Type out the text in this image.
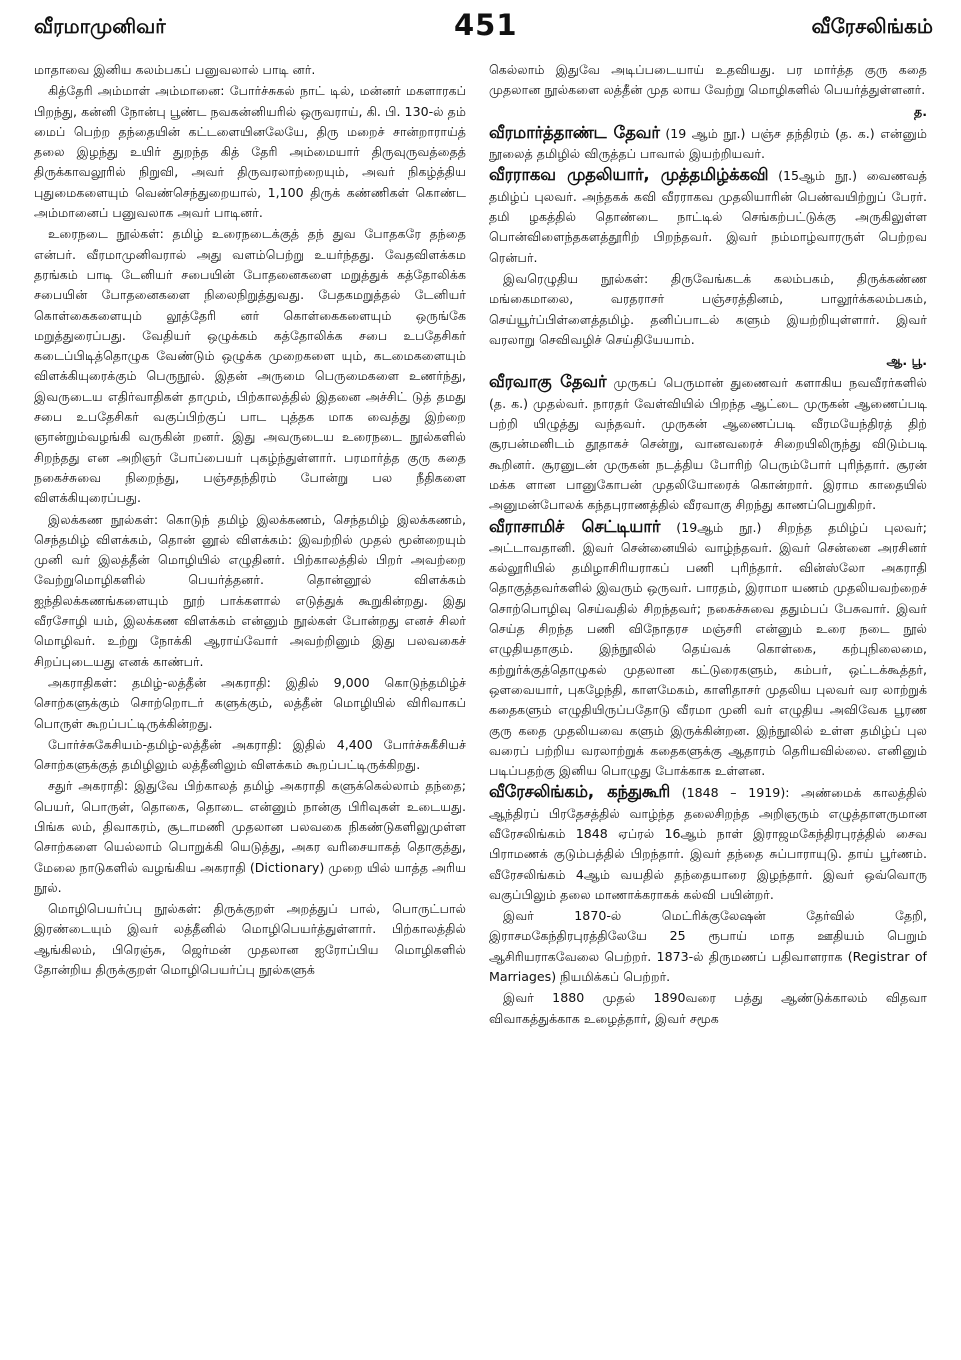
வீரமாமுனிவர்	451	வீரேசலிங்கம்

மாதாவை இனிய கலம்பகப் பனுவலால் பாடி னர்.

கித்தேரி அம்மாள் அம்மானை: போர்ச்சுகல் நாட் டில், மன்னர் மகளாரகப் பிறந்து, கன்னி நோன்பு பூண்ட நவகன்னியரில் ஒருவராய், கி. பி. 130-ல் தம் மைப் பெற்ற தந்தையின் கட்டளையினலேயே, திரு மறைச் சான்றாராய்த் தலை இழந்து உயிர் துறந்த கித் தேரி அம்மையார் திருவுருவத்தைத் திருக்காவலூரில் நிறுவி, அவர் திருவரலாற்றையும், அவர் நிகழ்த்திய புதுமைகளையும் வெண்செந்துறையால், 1,100 திருக் கண்ணிகள் கொண்ட அம்மானைப் பனுவலாக அவர் பாடினர்.

உரைநடை நூல்கள்: தமிழ் உரைநடைக்குத் தந் துவ போதகரே தந்தை என்பர். வீரமாமுனிவரால் அது வளம்பெற்று உயர்ந்தது. வேதவிளக்கம தரங்கம் பாடி டேனியர் சபையின் போதனைகளை மறுத்துக் கத்தோலிக்க சபையின் போதனைகளை நிலைநிறுத்துவது. பேதகமறுத்தல் டேனியர் கொள்கைகளையும் லூத்தேரி னர் கொள்கைகளையும் ஒருங்கே மறுத்துரைப்பது. வேதியர் ஒழுக்கம் கத்தோலிக்க சபை உபதேசிகர் கடைப்பிடித்தொழுக வேண்டும் ஒழுக்க முறைகளை யும், கடமைகளையும் விளக்கியுரைக்கும் பெருநூல். இதன் அருமை பெருமைகளை உணர்ந்து, இவருடைய எதிர்வாதிகள் தாமும், பிற்காலத்தில் இதனை அச்சிட் டுத் தமது சபை உபதேசிகர் வகுப்பிற்குப் பாட புத்தக மாக வைத்து இற்றை ஞான்றும்வழங்கி வருகின் றனர். இது அவருடைய உரைநடை நூல்களில் சிறந்தது என அறிஞர் போப்பையர் புகழ்ந்துள்ளார். பரமார்த்த குரு கதை நகைச்சுவை நிறைந்து, பஞ்சதந்திரம் போன்று பல நீதிகளை விளக்கியுரைப்பது.

இலக்கண நூல்கள்: கொடுந் தமிழ் இலக்கணம், செந்தமிழ் இலக்கணம், செந்தமிழ் விளக்கம், தொன் னூல் விளக்கம்: இவற்றில் முதல் மூன்றையும் முனி வர் இலத்தீன் மொழியில் எழுதினர். பிற்காலத்தில் பிறர் அவற்றை வேற்றுமொழிகளில் பெயர்த்தனர். தொன்னூல் விளக்கம் ஐந்திலக்கணங்களையும் நூற் பாக்களால் எடுத்துக் கூறுகின்றது. இது வீரசோழி யம், இலக்கண விளக்கம் என்னும் நூல்கள் போன்றது எனச் சிலர் மொழிவர். உற்று நோக்கி ஆராய்வோர் அவற்றினும் இது பலவகைச் சிறப்புடையது எனக் காண்பர்.

அகராதிகள்: தமிழ்-லத்தீன் அகராதி: இதில் 9,000 கொடுந்தமிழ்ச் சொற்களுக்கும் சொற்றொடர் களுக்கும், லத்தீன் மொழியில் விரிவாகப் பொருள் கூறப்பட்டிருக்கின்றது.

போர்ச்சுகேசியம்-தமிழ்-லத்தீன் அகராதி: இதில் 4,400 போர்ச்சுகீசியச் சொற்களுக்குத் தமிழிலும் லத்தீனிலும் விளக்கம் கூறப்பட்டிருக்கிறது.

சதுர் அகராதி: இதுவே பிற்காலத் தமிழ் அகராதி களுக்கெல்லாம் தந்தை; பெயர், பொருள், தொகை, தொடை என்னும் நான்கு பிரிவுகள் உடையது. பிங்க லம், திவாகரம், சூடாமணி முதலான பலவகை நிகண்டுகளிலுமுள்ள சொற்களை யெல்லாம் பொறுக்கி யெடுத்து, அகர வரிசையாகத் தொகுத்து, மேலை நாடுகளில் வழங்கிய அகராதி (Dictionary) முறை யில் யாத்த அரிய நூல்.

மொழிபெயர்ப்பு நூல்கள்: திருக்குறள் அறத்துப் பால், பொருட்பால் இரண்டையும் இவர் லத்தீனில் மொழிபெயர்த்துள்ளார். பிற்காலத்தில் ஆங்கிலம், பிரெஞ்சு, ஜெர்மன் முதலான ஐரோப்பிய மொழிகளில் தோன்றிய திருக்குறள் மொழிபெயர்ப்பு நூல்களுக்

கெல்லாம் இதுவே அடிப்படையாய் உதவியது. பர மார்த்த குரு கதை முதலான நூல்களை லத்தீன் முத லாய வேற்று மொழிகளில் பெயர்த்துள்ளனர்.

த.

வீரமார்த்தாண்ட தேவர் (19 ஆம் நூ.) பஞ்ச தந்திரம் (த. க.) என்னும் நூலைத் தமிழில் விருத்தப் பாவால் இயற்றியவர்.

வீரராகவ முதலியார், முத்தமிழ்க்கவி (15ஆம் நூ.) வைணவத் தமிழ்ப் புலவர். அந்தகக் கவி வீரராகவ முதலியாரின் பெண்வயிற்றுப் பேரர். தமி ழகத்தில் தொண்டை நாட்டில் செங்கற்பட்டுக்கு அருகிலுள்ள பொன்விளைந்தகளத்தூரிற் பிறந்தவர். இவர் நம்மாழ்வாரருள் பெற்றவ ரென்பர்.

இவரெழுதிய நூல்கள்: திருவேங்கடக் கலம்பகம், திருக்கண்ண மங்கைமாலை, வரதராசர் பஞ்சரத்தினம், பாலூர்க்கலம்பகம், செய்யூர்ப்பிள்ளைத்தமிழ். தனிப்பாடல் களும் இயற்றியுள்ளார். இவர் வரலாறு செவிவழிச் செய்தியேயாம்.

ஆ. பூ.

வீரவாகு தேவர் முருகப் பெருமான் துணைவர் களாகிய நவவீரர்களில் (த. க.) முதல்வர். நாரதர் வேள்வியில் பிறந்த ஆட்டை முருகன் ஆணைப்படி பற்றி யிழுத்து வந்தவர். முருகன் ஆணைப்படி வீரமயேந்திரத் திற் சூரபன்மனிடம் தூதாகச் சென்று, வானவரைச் சிறையிலிருந்து விடும்படி கூறினர். சூரனுடன் முருகன் நடத்திய போரிற் பெரும்போர் புரிந்தார். சூரன் மக்க ளான பானுகோபன் முதலியோரைக் கொன்றார். இராம காதையில் அனுமன்போலக் கந்தபுராணத்தில் வீரவாகு சிறந்து காணப்பெறுகிறர்.

வீராசாமிச் செட்டியார் (19ஆம் நூ.) சிறந்த தமிழ்ப் புலவர்; அட்டாவதானி. இவர் சென்னையில் வாழ்ந்தவர். இவர் சென்னை அரசினர் கல்லூரியில் தமிழாசிரியராகப் பணி புரிந்தார். வின்ஸ்லோ அகராதி தொகுத்தவர்களில் இவரும் ஒருவர். பாரதம், இராமா யணம் முதலியவற்றைச் சொற்பொழிவு செய்வதில் சிறந்தவர்; நகைச்சுவை ததும்பப் பேசுவார். இவர் செய்த சிறந்த பணி விநோதரச மஞ்சரி என்னும் உரை நடை நூல் எழுதியதாகும். இந்நூலில் தெய்வக் கொள்கை, கற்புநிலைமை, கற்றுர்க்குத்தொழுகல் முதலான கட்டுரைகளும், கம்பர், ஒட்டக்கூத்தர், ஒளவையார், புகழேந்தி, காளமேகம், காளிதாசர் முதலிய புலவர் வர லாற்றுக் கதைகளும் எழுதியிருப்பதோடு வீரமா முனி வர் எழுதிய அவிவேக பூரண குரு கதை முதலியவை களும் இருக்கின்றன. இந்நூலில் உள்ள தமிழ்ப் புல வரைப் பற்றிய வரலாற்றுக் கதைகளுக்கு ஆதாரம் தெரியவில்லை. எனினும் படிப்பதற்கு இனிய பொழுது போக்காக உள்ளன.

வீரேசலிங்கம், கந்துகூரி (1848 – 1919): அண்மைக் காலத்தில் ஆந்திரப் பிரதேசத்தில் வாழ்ந்த தலைசிறந்த அறிஞரும் எழுத்தாளருமான வீரேசலிங்கம் 1848 ஏப்ரல் 16ஆம் நாள் இராஜமகேந்திரபுரத்தில் சைவ பிராமணக் குடும்பத்தில் பிறந்தார். இவர் தந்தை சுப்பாராயுடு. தாய் பூர்ணம். வீரேசலிங்கம் 4ஆம் வயதில் தந்தையாரை இழந்தார். இவர் ஒவ்வொரு வகுப்பிலும் தலை மாணாக்கராகக் கல்வி பயின்றர்.

இவர் 1870-ல் மெட்ரிக்குலேஷன் தேர்வில் தேறி, இராசமகேந்திரபுரத்திலேயே 25 ரூபாய் மாத ஊதியம் பெறும் ஆசிரியராகவேலை பெற்றர். 1873-ல் திருமணப் பதிவாளராக (Registrar of Marriages) நியமிக்கப் பெற்றர்.

இவர் 1880 முதல் 1890வரை பத்து ஆண்டுக்காலம் விதவா விவாகத்துக்காக உழைத்தார், இவர் சமூக
